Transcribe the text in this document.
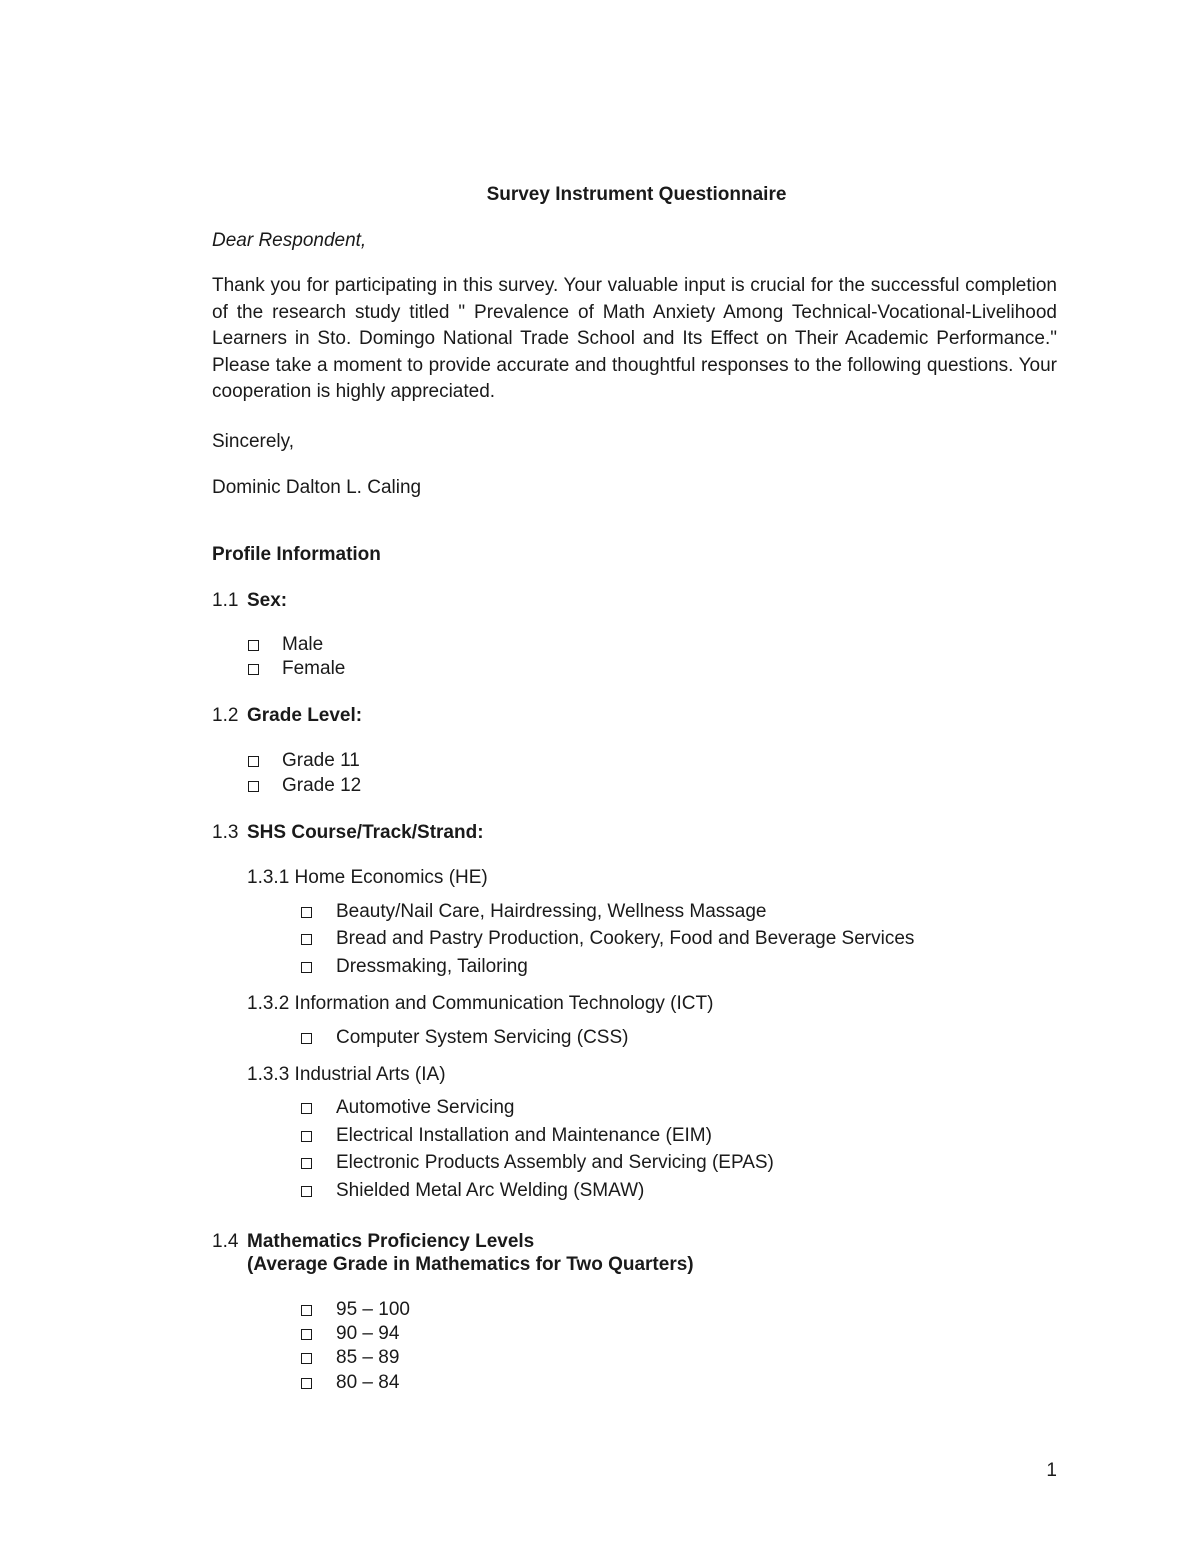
Survey Instrument Questionnaire
Dear Respondent,
Thank you for participating in this survey. Your valuable input is crucial for the successful completion of the research study titled " Prevalence of Math Anxiety Among Technical-Vocational-Livelihood Learners in Sto. Domingo National Trade School and Its Effect on Their Academic Performance." Please take a moment to provide accurate and thoughtful responses to the following questions. Your cooperation is highly appreciated.
Sincerely,
Dominic Dalton L. Caling
Profile Information
1.1 Sex:
Male
Female
1.2 Grade Level:
Grade 11
Grade 12
1.3 SHS Course/Track/Strand:
1.3.1 Home Economics (HE)
Beauty/Nail Care, Hairdressing, Wellness Massage
Bread and Pastry Production, Cookery, Food and Beverage Services
Dressmaking, Tailoring
1.3.2 Information and Communication Technology (ICT)
Computer System Servicing (CSS)
1.3.3 Industrial Arts (IA)
Automotive Servicing
Electrical Installation and Maintenance (EIM)
Electronic Products Assembly and Servicing (EPAS)
Shielded Metal Arc Welding (SMAW)
1.4 Mathematics Proficiency Levels
(Average Grade in Mathematics for Two Quarters)
95 – 100
90 – 94
85 – 89
80 – 84
1
